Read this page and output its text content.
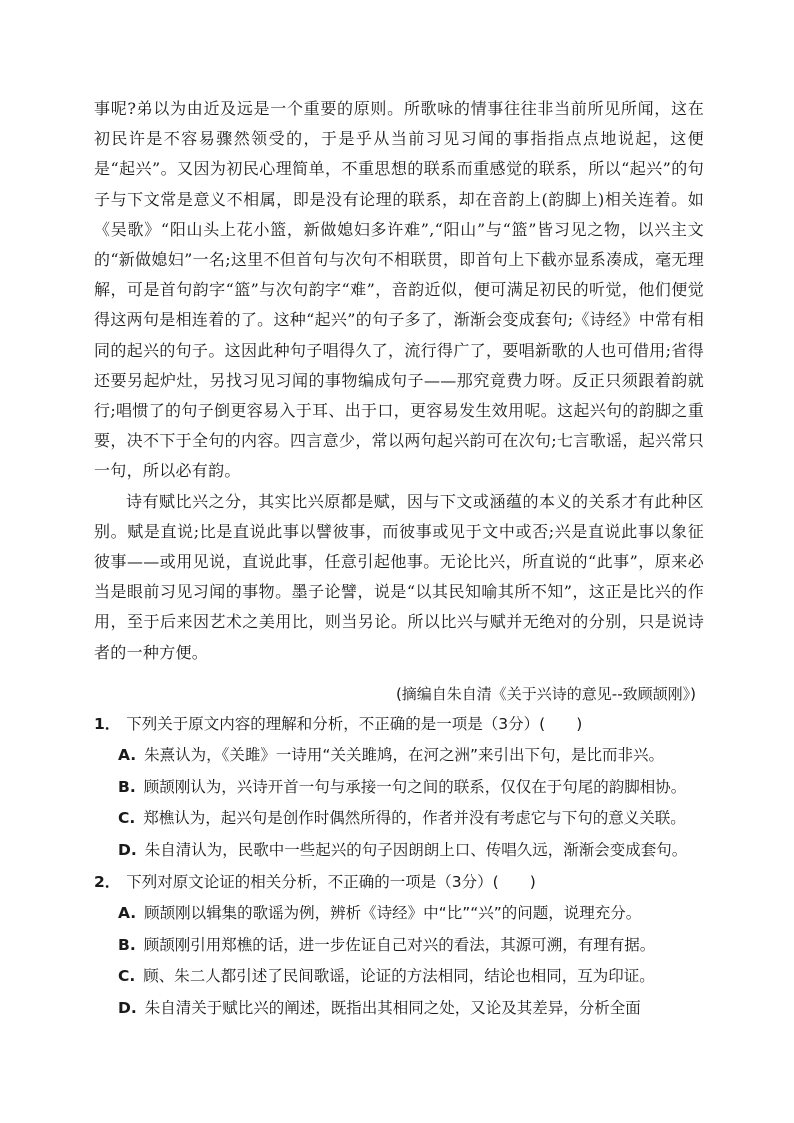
事呢?弟以为由近及远是一个重要的原则。所歌咏的情事往往非当前所见所闻，这在初民许是不容易骤然领受的，于是乎从当前习见习闻的事指指点点地说起，这便是“起兴”。又因为初民心理简单，不重思想的联系而重感觉的联系，所以“起兴”的句子与下文常是意义不相属，即是没有论理的联系，却在音韵上(韵脚上)相关连着。如《吴歌》“阳山头上花小篮，新做媳妇多许难”,“阳山”与“篮”皆习见之物，以兴主文的“新做媳妇”一名;这里不但首句与次句不相联贯，即首句上下截亦显系凑成，毫无理解，可是首句韵字“篮”与次句韵字“难”，音韵近似，便可满足初民的听觉，他们便觉得这两句是相连着的了。这种“起兴”的句子多了，渐渐会变成套句;《诗经》中常有相同的起兴的句子。这因此种句子唱得久了，流行得广了，要唱新歌的人也可借用;省得还要另起炉灶，另找习见习闻的事物编成句子——那究竟费力呀。反正只须跟着韵就行;唱惯了的句子倒更容易入于耳、出于口，更容易发生效用呢。这起兴句的韵脚之重要，决不下于全句的内容。四言意少，常以两句起兴韵可在次句;七言歌谣，起兴常只一句，所以必有韵。

诗有赋比兴之分，其实比兴原都是赋，因与下文或涵蕴的本义的关系才有此种区别。赋是直说;比是直说此事以譬彼事，而彼事或见于文中或否;兴是直说此事以象征彼事——或用见说，直说此事，任意引起他事。无论比兴，所直说的“此事”，原来必当是眼前习见习闻的事物。墨子论譬，说是“以其民知喻其所不知”，这正是比兴的作用，至于后来因艺术之美用比，则当另论。所以比兴与赋并无绝对的分别，只是说诗者的一种方便。

(摘编自朱自清《关于兴诗的意见--致顾颉刚》)
1． 下列关于原文内容的理解和分析，不正确的是一项是（3分）(　　)
A. 朱熹认为，《关雎》一诗用“关关雎鸠，在河之洲”来引出下句，是比而非兴。
B. 顾颉刚认为，兴诗开首一句与承接一句之间的联系，仅仅在于句尾的韵脚相协。
C. 郑樵认为，起兴句是创作时偶然所得的，作者并没有考虑它与下句的意义关联。
D. 朱自清认为，民歌中一些起兴的句子因朗朗上口、传唱久远，渐渐会变成套句。
2． 下列对原文论证的相关分析，不正确的一项是（3分）(　　)
A. 顾颉刚以辑集的歌谣为例，辨析《诗经》中“比”“兴”的问题，说理充分。
B. 顾颉刚引用郑樵的话，进一步佐证自己对兴的看法，其源可溯，有理有据。
C. 顾、朱二人都引述了民间歌谣，论证的方法相同，结论也相同，互为印证。
D. 朱自清关于赋比兴的阐述，既指出其相同之处，又论及其差异，分析全面
